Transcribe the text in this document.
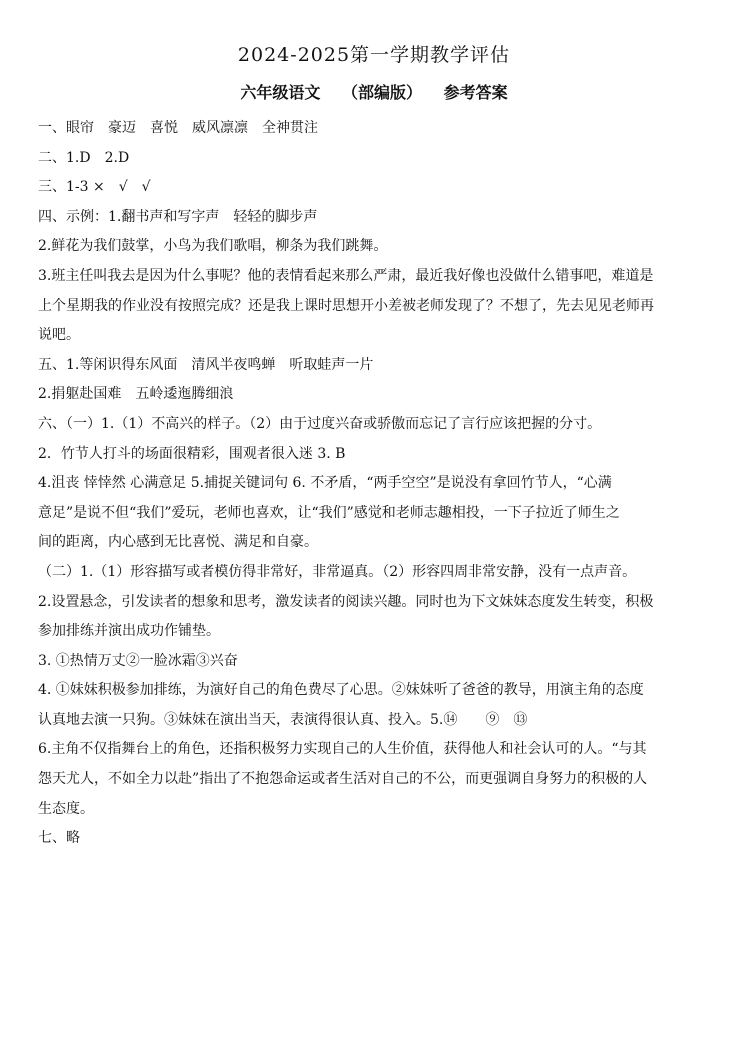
2024-2025第一学期教学评估
六年级语文 （部编版） 参考答案
一、眼帘　豪迈　喜悦　威风凛凛　全神贯注
二、1.D　2.D
三、1-3 ×　√　√
四、示例：1.翻书声和写字声　轻轻的脚步声
2.鲜花为我们鼓掌，小鸟为我们歌唱，柳条为我们跳舞。
3.班主任叫我去是因为什么事呢？他的表情看起来那么严肃，最近我好像也没做什么错事吧，难道是
上个星期我的作业没有按照完成？还是我上课时思想开小差被老师发现了？不想了，先去见见老师再
说吧。
五、1.等闲识得东风面　清风半夜鸣蝉　听取蛙声一片
2.捐躯赴国难　五岭逶迤腾细浪
六、（一）1.（1）不高兴的样子。（2）由于过度兴奋或骄傲而忘记了言行应该把握的分寸。
2．竹节人打斗的场面很精彩，围观者很入迷 3. B
4.沮丧 悻悻然 心满意足 5.捕捉关键词句 6. 不矛盾，“两手空空”是说没有拿回竹节人，“心满
意足”是说不但“我们”爱玩，老师也喜欢，让“我们”感觉和老师志趣相投，一下子拉近了师生之
间的距离，内心感到无比喜悦、满足和自豪。
（二）1.（1）形容描写或者模仿得非常好，非常逼真。（2）形容四周非常安静，没有一点声音。
2.设置悬念，引发读者的想象和思考，激发读者的阅读兴趣。同时也为下文妹妹态度发生转变，积极
参加排练并演出成功作铺垫。
3. ①热情万丈②一脸冰霜③兴奋
4. ①妹妹积极参加排练，为演好自己的角色费尽了心思。②妹妹听了爸爸的教导，用演主角的态度
认真地去演一只狗。③妹妹在演出当天，表演得很认真、投入。5.⑭　　⑨　⑬
6.主角不仅指舞台上的角色，还指积极努力实现自己的人生价值，获得他人和社会认可的人。“与其
怨天尤人，不如全力以赴”指出了不抱怨命运或者生活对自己的不公，而更强调自身努力的积极的人
生态度。
七、略
